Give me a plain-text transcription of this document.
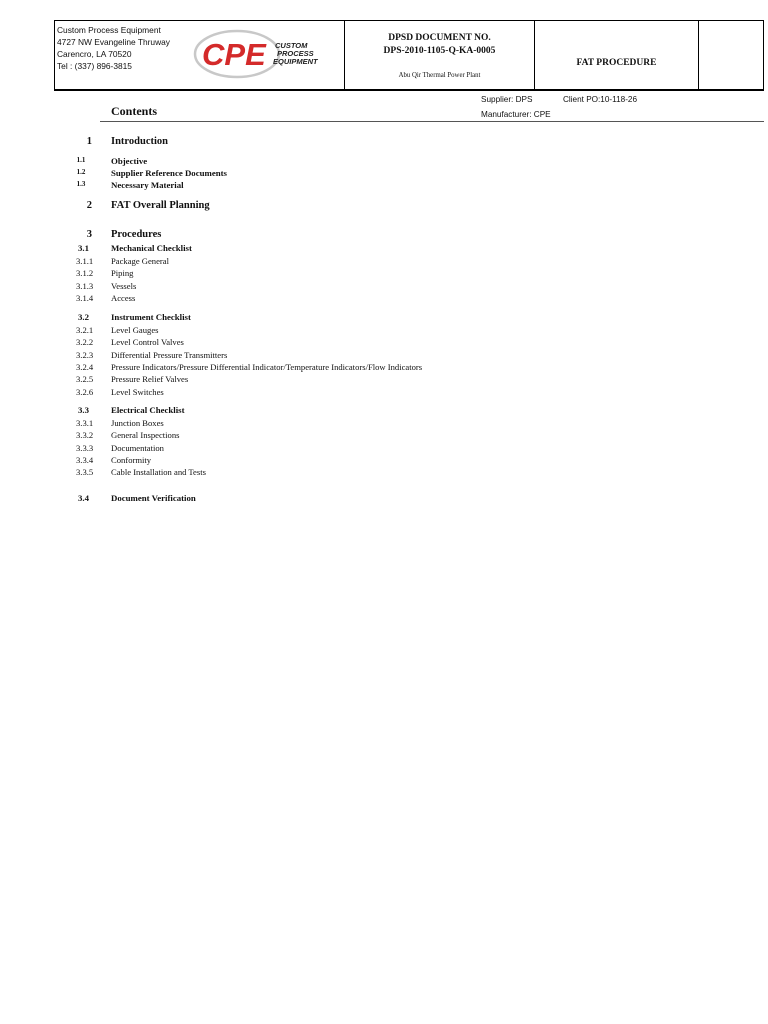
Custom Process Equipment
4727 NW Evangeline Thruway
Carencro, LA 70520
Tel : (337) 896-3815	CPE CUSTOM
PROCESS
EQUIPMENT
DPSD DOCUMENT NO.
DPS-2010-1105-Q-KA-0005
Abu Qir Thermal Power Plant
FAT PROCEDURE
Supplier: DPS	Client PO:10-118-26
Manufacturer: CPE
Contents
1 Introduction
1.1	Objective
1.2	Supplier Reference Documents
1.3	Necessary Material
2 FAT Overall Planning
3 Procedures
3.1	Mechanical Checklist
3.1.1	Package General
3.1.2	Piping
3.1.3	Vessels
3.1.4	Access
3.2	Instrument Checklist
3.2.1	Level Gauges
3.2.2	Level Control Valves
3.2.3	Differential Pressure Transmitters
3.2.4	Pressure Indicators/Pressure Differential Indicator/Temperature Indicators/Flow Indicators
3.2.5	Pressure Relief Valves
3.2.6	Level Switches
3.3	Electrical Checklist
3.3.1	Junction Boxes
3.3.2	General Inspections
3.3.3	Documentation
3.3.4	Conformity
3.3.5	Cable Installation and Tests
3.4	Document Verification
